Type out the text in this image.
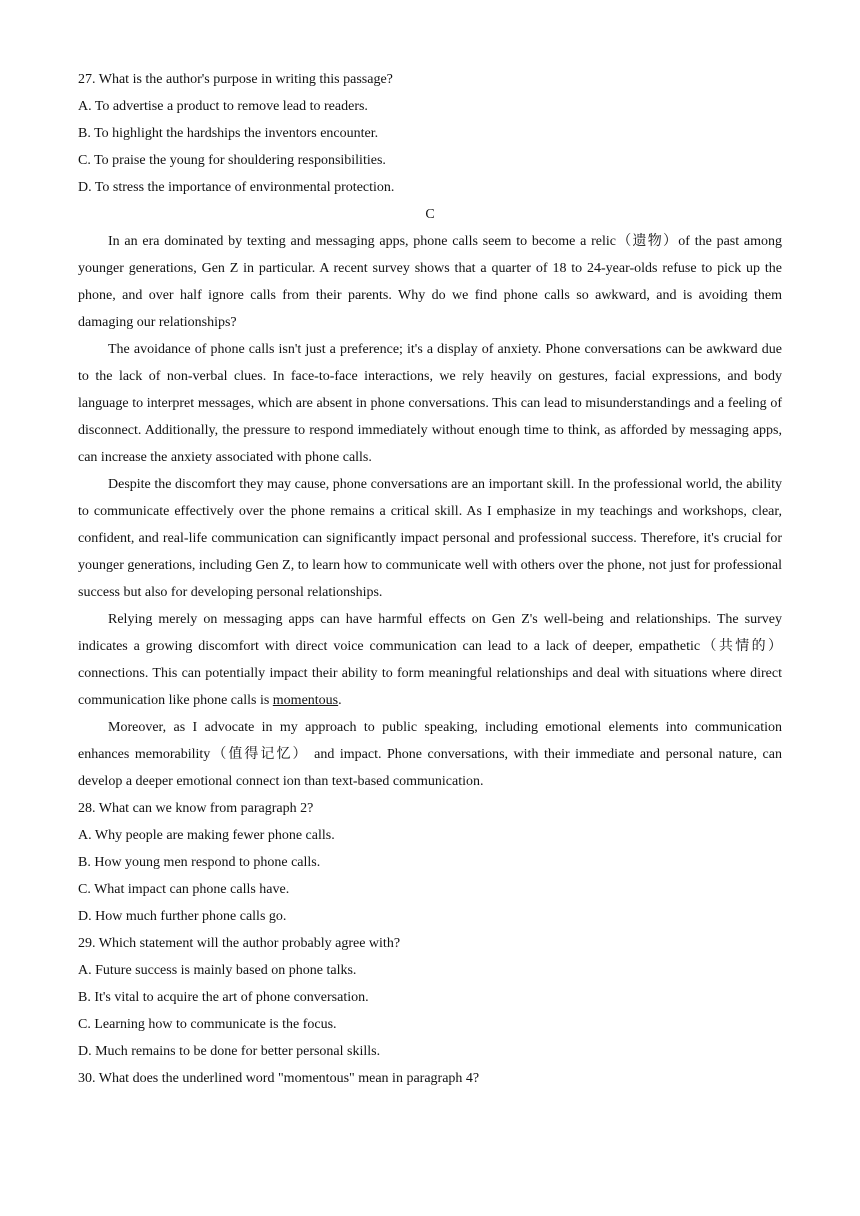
27. What is the author's purpose in writing this passage?
A. To advertise a product to remove lead to readers.
B. To highlight the hardships the inventors encounter.
C. To praise the young for shouldering responsibilities.
D. To stress the importance of environmental protection.
C

In an era dominated by texting and messaging apps, phone calls seem to become a relic（遗物）of the past among younger generations, Gen Z in particular. A recent survey shows that a quarter of 18 to 24-year-olds refuse to pick up the phone, and over half ignore calls from their parents. Why do we find phone calls so awkward, and is avoiding them damaging our relationships?

The avoidance of phone calls isn't just a preference; it's a display of anxiety. Phone conversations can be awkward due to the lack of non-verbal clues. In face-to-face interactions, we rely heavily on gestures, facial expressions, and body language to interpret messages, which are absent in phone conversations. This can lead to misunderstandings and a feeling of disconnect. Additionally, the pressure to respond immediately without enough time to think, as afforded by messaging apps, can increase the anxiety associated with phone calls.

Despite the discomfort they may cause, phone conversations are an important skill. In the professional world, the ability to communicate effectively over the phone remains a critical skill. As I emphasize in my teachings and workshops, clear, confident, and real-life communication can significantly impact personal and professional success. Therefore, it's crucial for younger generations, including Gen Z, to learn how to communicate well with others over the phone, not just for professional success but also for developing personal relationships.

Relying merely on messaging apps can have harmful effects on Gen Z's well-being and relationships. The survey indicates a growing discomfort with direct voice communication can lead to a lack of deeper, empathetic（共情的） connections. This can potentially impact their ability to form meaningful relationships and deal with situations where direct communication like phone calls is momentous.

Moreover, as I advocate in my approach to public speaking, including emotional elements into communication enhances memorability（值得记忆） and impact. Phone conversations, with their immediate and personal nature, can develop a deeper emotional connect ion than text-based communication.

28. What can we know from paragraph 2?
A. Why people are making fewer phone calls.
B. How young men respond to phone calls.
C. What impact can phone calls have.
D. How much further phone calls go.
29. Which statement will the author probably agree with?
A. Future success is mainly based on phone talks.
B. It's vital to acquire the art of phone conversation.
C. Learning how to communicate is the focus.
D. Much remains to be done for better personal skills.
30. What does the underlined word "momentous" mean in paragraph 4?
